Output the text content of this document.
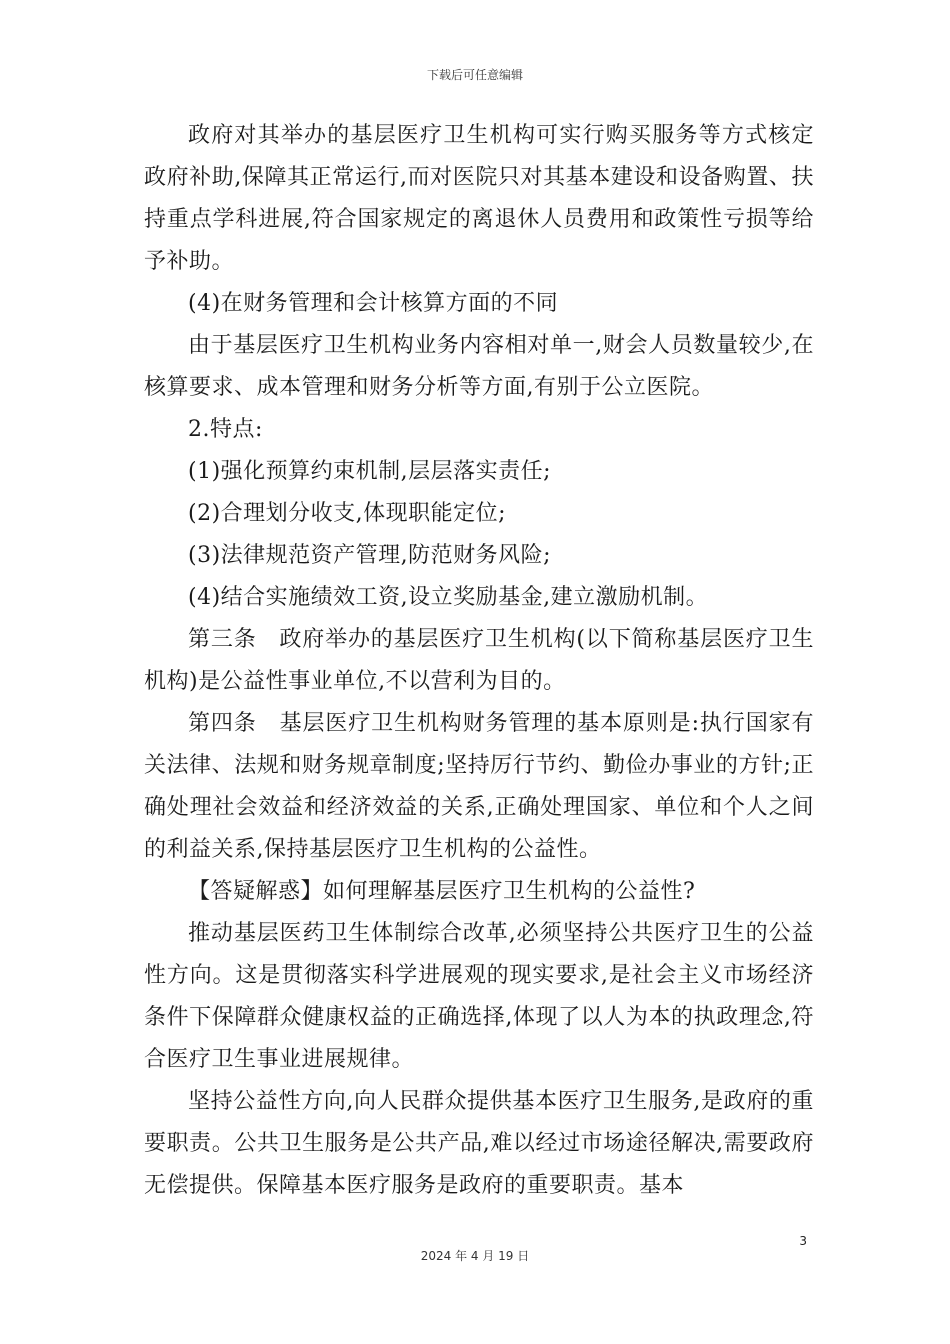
下载后可任意编辑

政府对其举办的基层医疗卫生机构可实行购买服务等方式核定政府补助,保障其正常运行,而对医院只对其基本建设和设备购置、扶持重点学科进展,符合国家规定的离退休人员费用和政策性亏损等给予补助。

(4)在财务管理和会计核算方面的不同

由于基层医疗卫生机构业务内容相对单一,财会人员数量较少,在核算要求、成本管理和财务分析等方面,有别于公立医院。

2.特点:

(1)强化预算约束机制,层层落实责任;

(2)合理划分收支,体现职能定位;

(3)法律规范资产管理,防范财务风险;

(4)结合实施绩效工资,设立奖励基金,建立激励机制。

第三条　政府举办的基层医疗卫生机构(以下简称基层医疗卫生机构)是公益性事业单位,不以营利为目的。

第四条　基层医疗卫生机构财务管理的基本原则是:执行国家有关法律、法规和财务规章制度;坚持厉行节约、勤俭办事业的方针;正确处理社会效益和经济效益的关系,正确处理国家、单位和个人之间的利益关系,保持基层医疗卫生机构的公益性。

【答疑解惑】如何理解基层医疗卫生机构的公益性?

推动基层医药卫生体制综合改革,必须坚持公共医疗卫生的公益性方向。这是贯彻落实科学进展观的现实要求,是社会主义市场经济条件下保障群众健康权益的正确选择,体现了以人为本的执政理念,符合医疗卫生事业进展规律。

坚持公益性方向,向人民群众提供基本医疗卫生服务,是政府的重要职责。公共卫生服务是公共产品,难以经过市场途径解决,需要政府无偿提供。保障基本医疗服务是政府的重要职责。基本

3
2024 年 4 月 19 日
